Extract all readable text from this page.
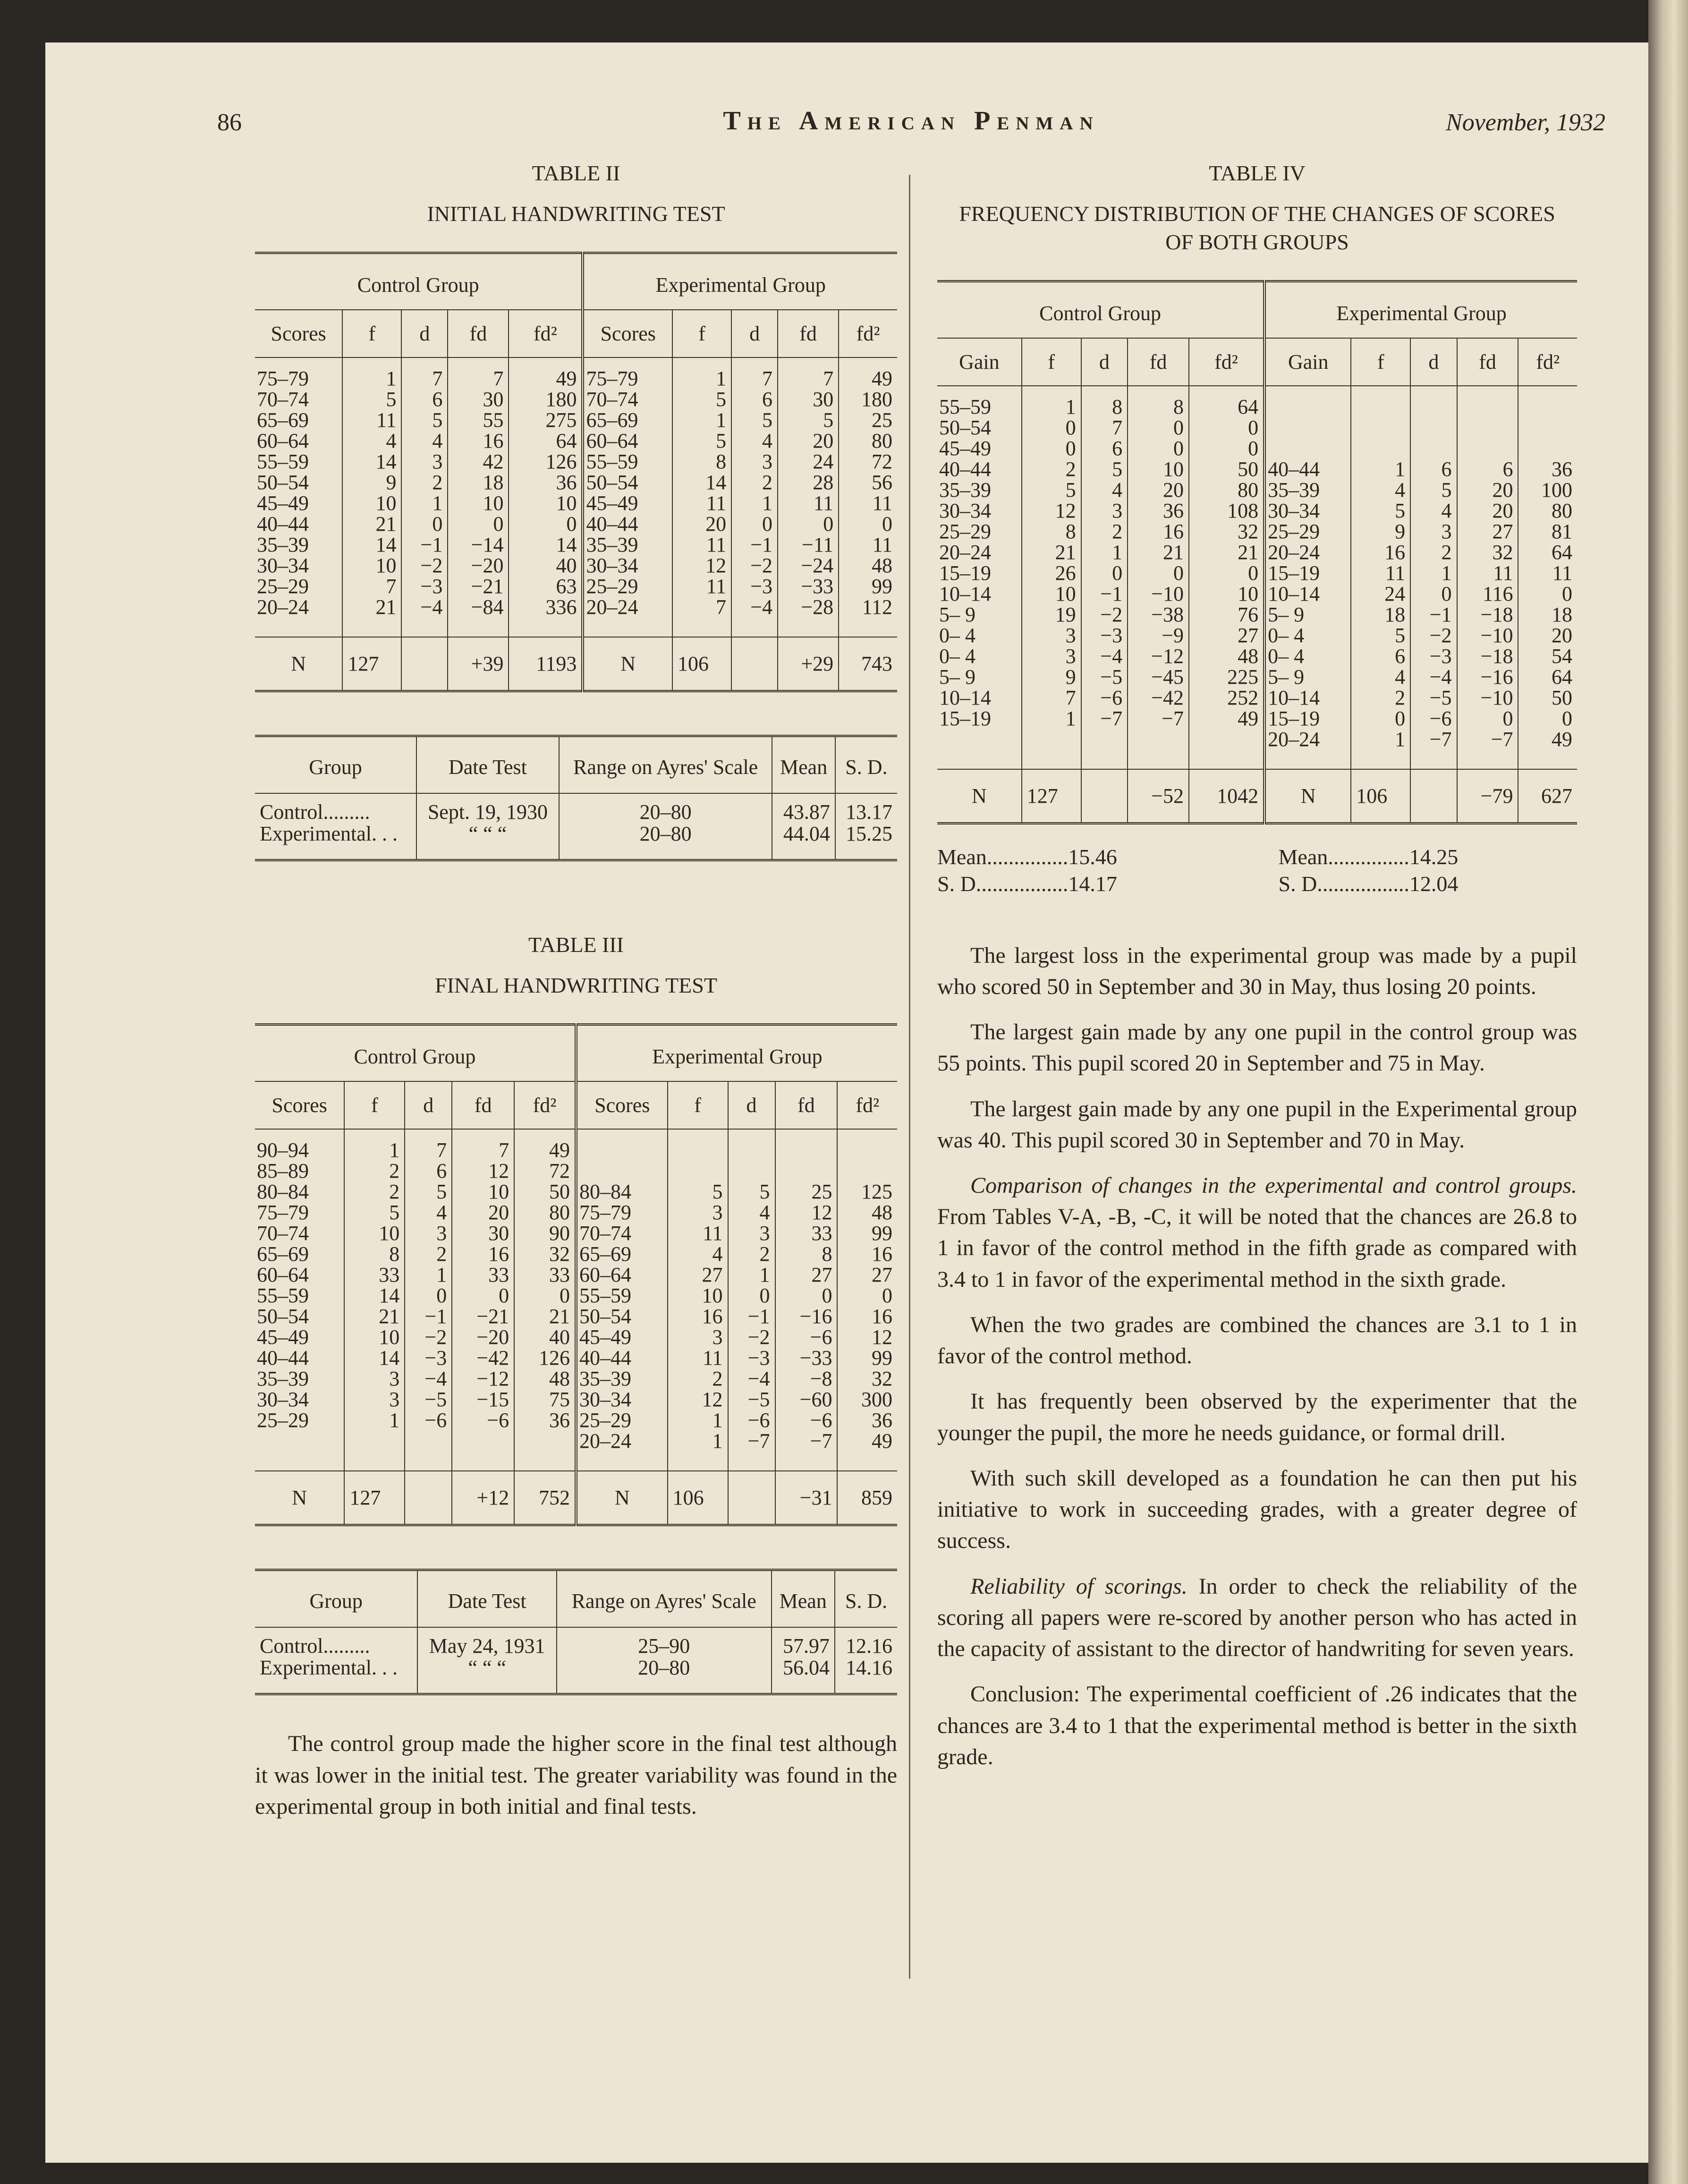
86	The American Penman	November, 1932

TABLE II

INITIAL HANDWRITING TEST

Control Group					Experimental Group				
Scores	f	d	fd	fd²	Scores	f	d	fd	fd²
75–79	1	7	7	49	75–79	1	7	7	49
70–74	5	6	30	180	70–74	5	6	30	180
65–69	11	5	55	275	65–69	1	5	5	25
60–64	4	4	16	64	60–64	5	4	20	80
55–59	14	3	42	126	55–59	8	3	24	72
50–54	9	2	18	36	50–54	14	2	28	56
45–49	10	1	10	10	45–49	11	1	11	11
40–44	21	0	0	0	40–44	20	0	0	0
35–39	14	−1	−14	14	35–39	11	−1	−11	11
30–34	10	−2	−20	40	30–34	12	−2	−24	48
25–29	7	−3	−21	63	25–29	11	−3	−33	99
20–24	21	−4	−84	336	20–24	7	−4	−28	112
N	127		+39	1193	N	106		+29	743
Group	Date Test	Range on Ayres' Scale	Mean	S. D.
Control.........	Sept. 19, 1930	20–80	43.87	13.17
Experimental. . .	“ “ “	20–80	44.04	15.25

TABLE III

FINAL HANDWRITING TEST

Control Group					Experimental Group				
Scores	f	d	fd	fd²	Scores	f	d	fd	fd²
90–94	1	7	7	49					
85–89	2	6	12	72					
80–84	2	5	10	50	80–84	5	5	25	125
75–79	5	4	20	80	75–79	3	4	12	48
70–74	10	3	30	90	70–74	11	3	33	99
65–69	8	2	16	32	65–69	4	2	8	16
60–64	33	1	33	33	60–64	27	1	27	27
55–59	14	0	0	0	55–59	10	0	0	0
50–54	21	−1	−21	21	50–54	16	−1	−16	16
45–49	10	−2	−20	40	45–49	3	−2	−6	12
40–44	14	−3	−42	126	40–44	11	−3	−33	99
35–39	3	−4	−12	48	35–39	2	−4	−8	32
30–34	3	−5	−15	75	30–34	12	−5	−60	300
25–29	1	−6	−6	36	25–29	1	−6	−6	36
					20–24	1	−7	−7	49
N	127		+12	752	N	106		−31	859
Group	Date Test	Range on Ayres' Scale	Mean	S. D.
Control.........	May 24, 1931	25–90	57.97	12.16
Experimental. . .	“ “ “	20–80	56.04	14.16

The control group made the higher score in the final test although it was lower in the initial test. The greater variability was found in the experimental group in both initial and final tests.

TABLE IV

FREQUENCY DISTRIBUTION OF THE CHANGES OF SCORES OF BOTH GROUPS

Control Group					Experimental Group				
Gain	f	d	fd	fd²	Gain	f	d	fd	fd²
55–59	1	8	8	64					
50–54	0	7	0	0					
45–49	0	6	0	0					
40–44	2	5	10	50	40–44	1	6	6	36
35–39	5	4	20	80	35–39	4	5	20	100
30–34	12	3	36	108	30–34	5	4	20	80
25–29	8	2	16	32	25–29	9	3	27	81
20–24	21	1	21	21	20–24	16	2	32	64
15–19	26	0	0	0	15–19	11	1	11	11
10–14	10	−1	−10	10	10–14	24	0	116	0
5– 9	19	−2	−38	76	5– 9	18	−1	−18	18
0– 4	3	−3	−9	27	0– 4	5	−2	−10	20
0– 4	3	−4	−12	48	0– 4	6	−3	−18	54
5– 9	9	−5	−45	225	5– 9	4	−4	−16	64
10–14	7	−6	−42	252	10–14	2	−5	−10	50
15–19	1	−7	−7	49	15–19	0	−6	0	0
					20–24	1	−7	−7	49
N	127		−52	1042	N	106		−79	627
Mean ............... 15.46
S. D. ................ 14.17
Mean ............... 14.25
S. D. ................ 12.04

The largest loss in the experimental group was made by a pupil who scored 50 in September and 30 in May, thus losing 20 points.

The largest gain made by any one pupil in the control group was 55 points. This pupil scored 20 in September and 75 in May.

The largest gain made by any one pupil in the Experimental group was 40. This pupil scored 30 in September and 70 in May.

Comparison of changes in the experimental and control groups. From Tables V-A, -B, -C, it will be noted that the chances are 26.8 to 1 in favor of the control method in the fifth grade as compared with 3.4 to 1 in favor of the experimental method in the sixth grade.

When the two grades are combined the chances are 3.1 to 1 in favor of the control method.

It has frequently been observed by the experimenter that the younger the pupil, the more he needs guidance, or formal drill.

With such skill developed as a foundation he can then put his initiative to work in succeeding grades, with a greater degree of success.

Reliability of scorings. In order to check the reliability of the scoring all papers were re-scored by another person who has acted in the capacity of assistant to the director of handwriting for seven years.

Conclusion: The experimental coefficient of .26 indicates that the chances are 3.4 to 1 that the experimental method is better in the sixth grade.
